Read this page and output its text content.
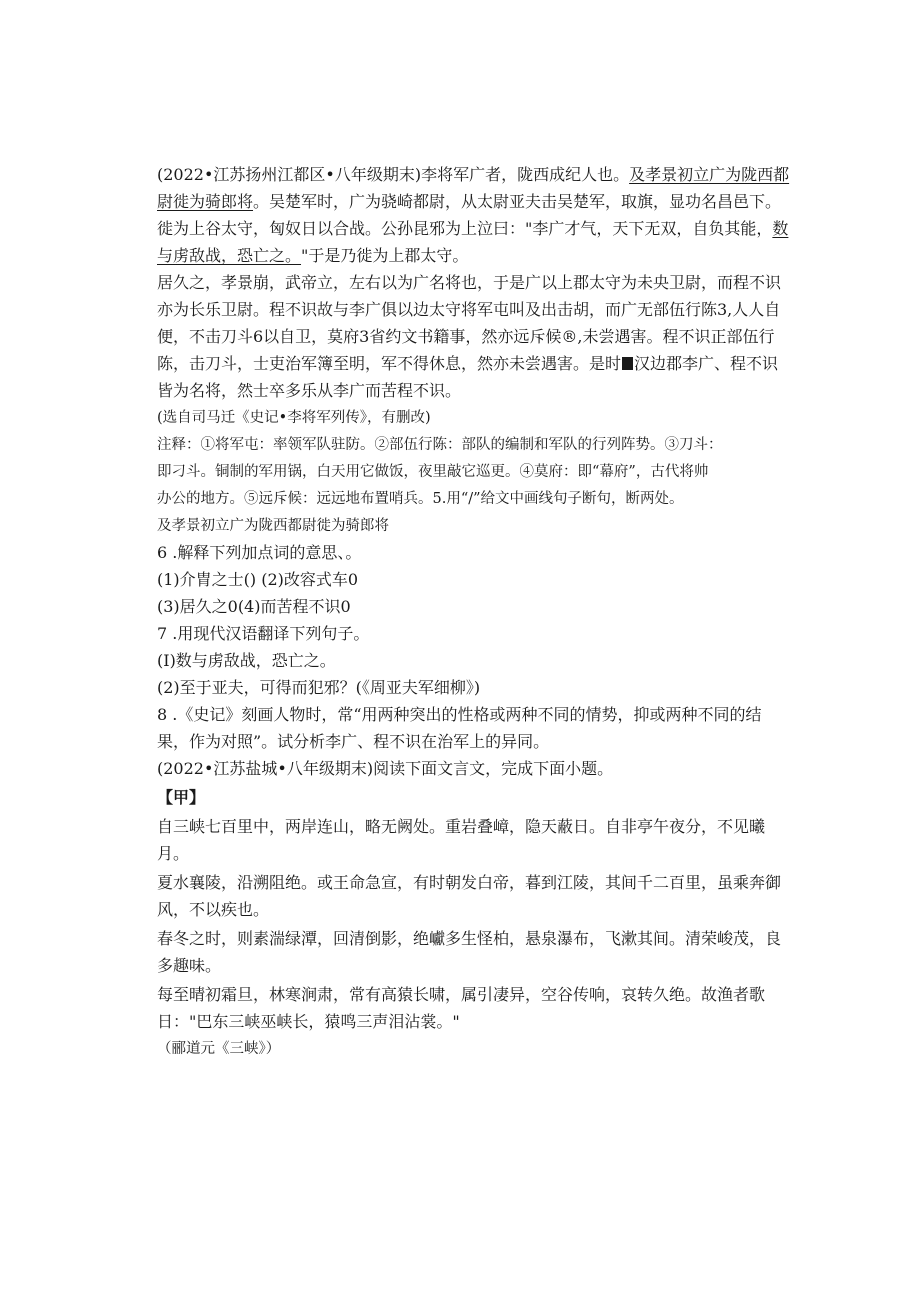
(2022•江苏扬州江都区•八年级期末)李将军广者，陇西成纪人也。及孝景初立广为陇西都
尉徙为骑郎将。吴楚军时，广为骁崎都尉，从太尉亚夫击吴楚军，取旗，显功名昌邑下。
徙为上谷太守，匈奴日以合战。公孙昆邪为上泣曰："李广才气，天下无双，自负其能，数
与虏敌战，恐亡之。"于是乃徙为上郡太守。
居久之，孝景崩，武帝立，左右以为广名将也，于是广以上郡太守为未央卫尉，而程不识
亦为长乐卫尉。程不识故与李广俱以边太守将军屯叫及出击胡，而广无部伍行陈3,人人自
便，不击刀斗6以自卫，莫府3省约文书籍事，然亦远斥候®,未尝遇害。程不识正部伍行
陈，击刀斗，士吏治军簿至明，军不得休息，然亦未尝遇害。是时 汉边郡李广、程不识
皆为名将，然士卒多乐从李广而苦程不识。
(选自司马迁《史记•李将军列传》，有删改)
注释：①将军屯：率领军队驻防。②部伍行陈：部队的编制和军队的行列阵势。③刀斗：
即刁斗。铜制的军用锅，白天用它做饭，夜里敲它巡更。④莫府：即“幕府”，古代将帅
办公的地方。⑤远斥候：远远地布置哨兵。5.用“/”给文中画线句子断句，断两处。
及孝景初立广为陇西都尉徙为骑郎将
6 .解释下列加点词的意思、。
(1)介胄之士() (2)改容式车0
(3)居久之0(4)而苦程不识0
7 .用现代汉语翻译下列句子。
(I)数与虏敌战，恐亡之。
(2)至于亚夫，可得而犯邪？(《周亚夫军细柳》)
8 .《史记》刻画人物时，常“用两种突出的性格或两种不同的情势，抑或两种不同的结
果，作为对照”。试分析李广、程不识在治军上的异同。
(2022•江苏盐城•八年级期末)阅读下面文言文，完成下面小题。
【甲】
自三峡七百里中，两岸连山，略无阙处。重岩叠嶂，隐天蔽日。自非亭午夜分，不见曦
月。
夏水襄陵，沿溯阻绝。或王命急宣，有时朝发白帝，暮到江陵，其间千二百里，虽乘奔御
风，不以疾也。
春冬之时，则素湍绿潭，回清倒影，绝巘多生怪柏，悬泉瀑布，飞漱其间。清荣峻茂，良
多趣味。
每至晴初霜旦，林寒涧肃，常有高猿长啸，属引凄异，空谷传响，哀转久绝。故渔者歌
日："巴东三峡巫峡长，猿鸣三声泪沾裳。"
（郦道元《三峡》）
